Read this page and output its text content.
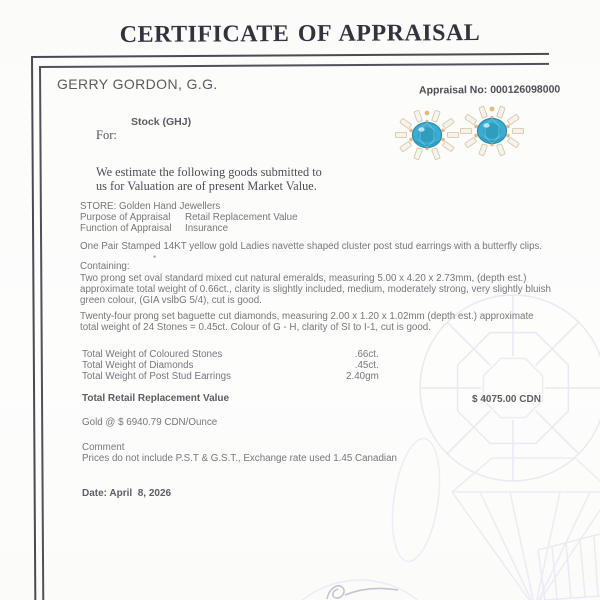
CERTIFICATE OF APPRAISAL
GERRY GORDON, G.G.	Appraisal No: 000126098000
Stock (GHJ)
For:
We estimate the following goods submitted to
us for Valuation are of present Market Value.
STORE: Golden Hand Jewellers
Purpose of Appraisal	Retail Replacement Value
Function of Appraisal	Insurance
One Pair Stamped 14KT yellow gold Ladies navette shaped cluster post stud earrings with a butterfly clips.
*
Containing:
Two prong set oval standard mixed cut natural emeralds, measuring 5.00 x 4.20 x 2.73mm, (depth est.)
approximate total weight of 0.66ct., clarity is slightly included, medium, moderately strong, very slightly bluish
green colour, (GIA vslbG 5/4), cut is good.
Twenty-four prong set baguette cut diamonds, measuring 2.00 x 1.20 x 1.02mm (depth est.) approximate
total weight of 24 Stones = 0.45ct. Colour of G - H, clarity of SI to I-1, cut is good.
Total Weight of Coloured Stones	.66ct.
Total Weight of Diamonds	.45ct.
Total Weight of Post Stud Earrings	2.40gm
Total Retail Replacement Value	$ 4075.00 CDN
Gold @ $ 6940.79 CDN/Ounce
Comment
Prices do not include P.S.T & G.S.T., Exchange rate used 1.45 Canadian
Date: April  8, 2026
